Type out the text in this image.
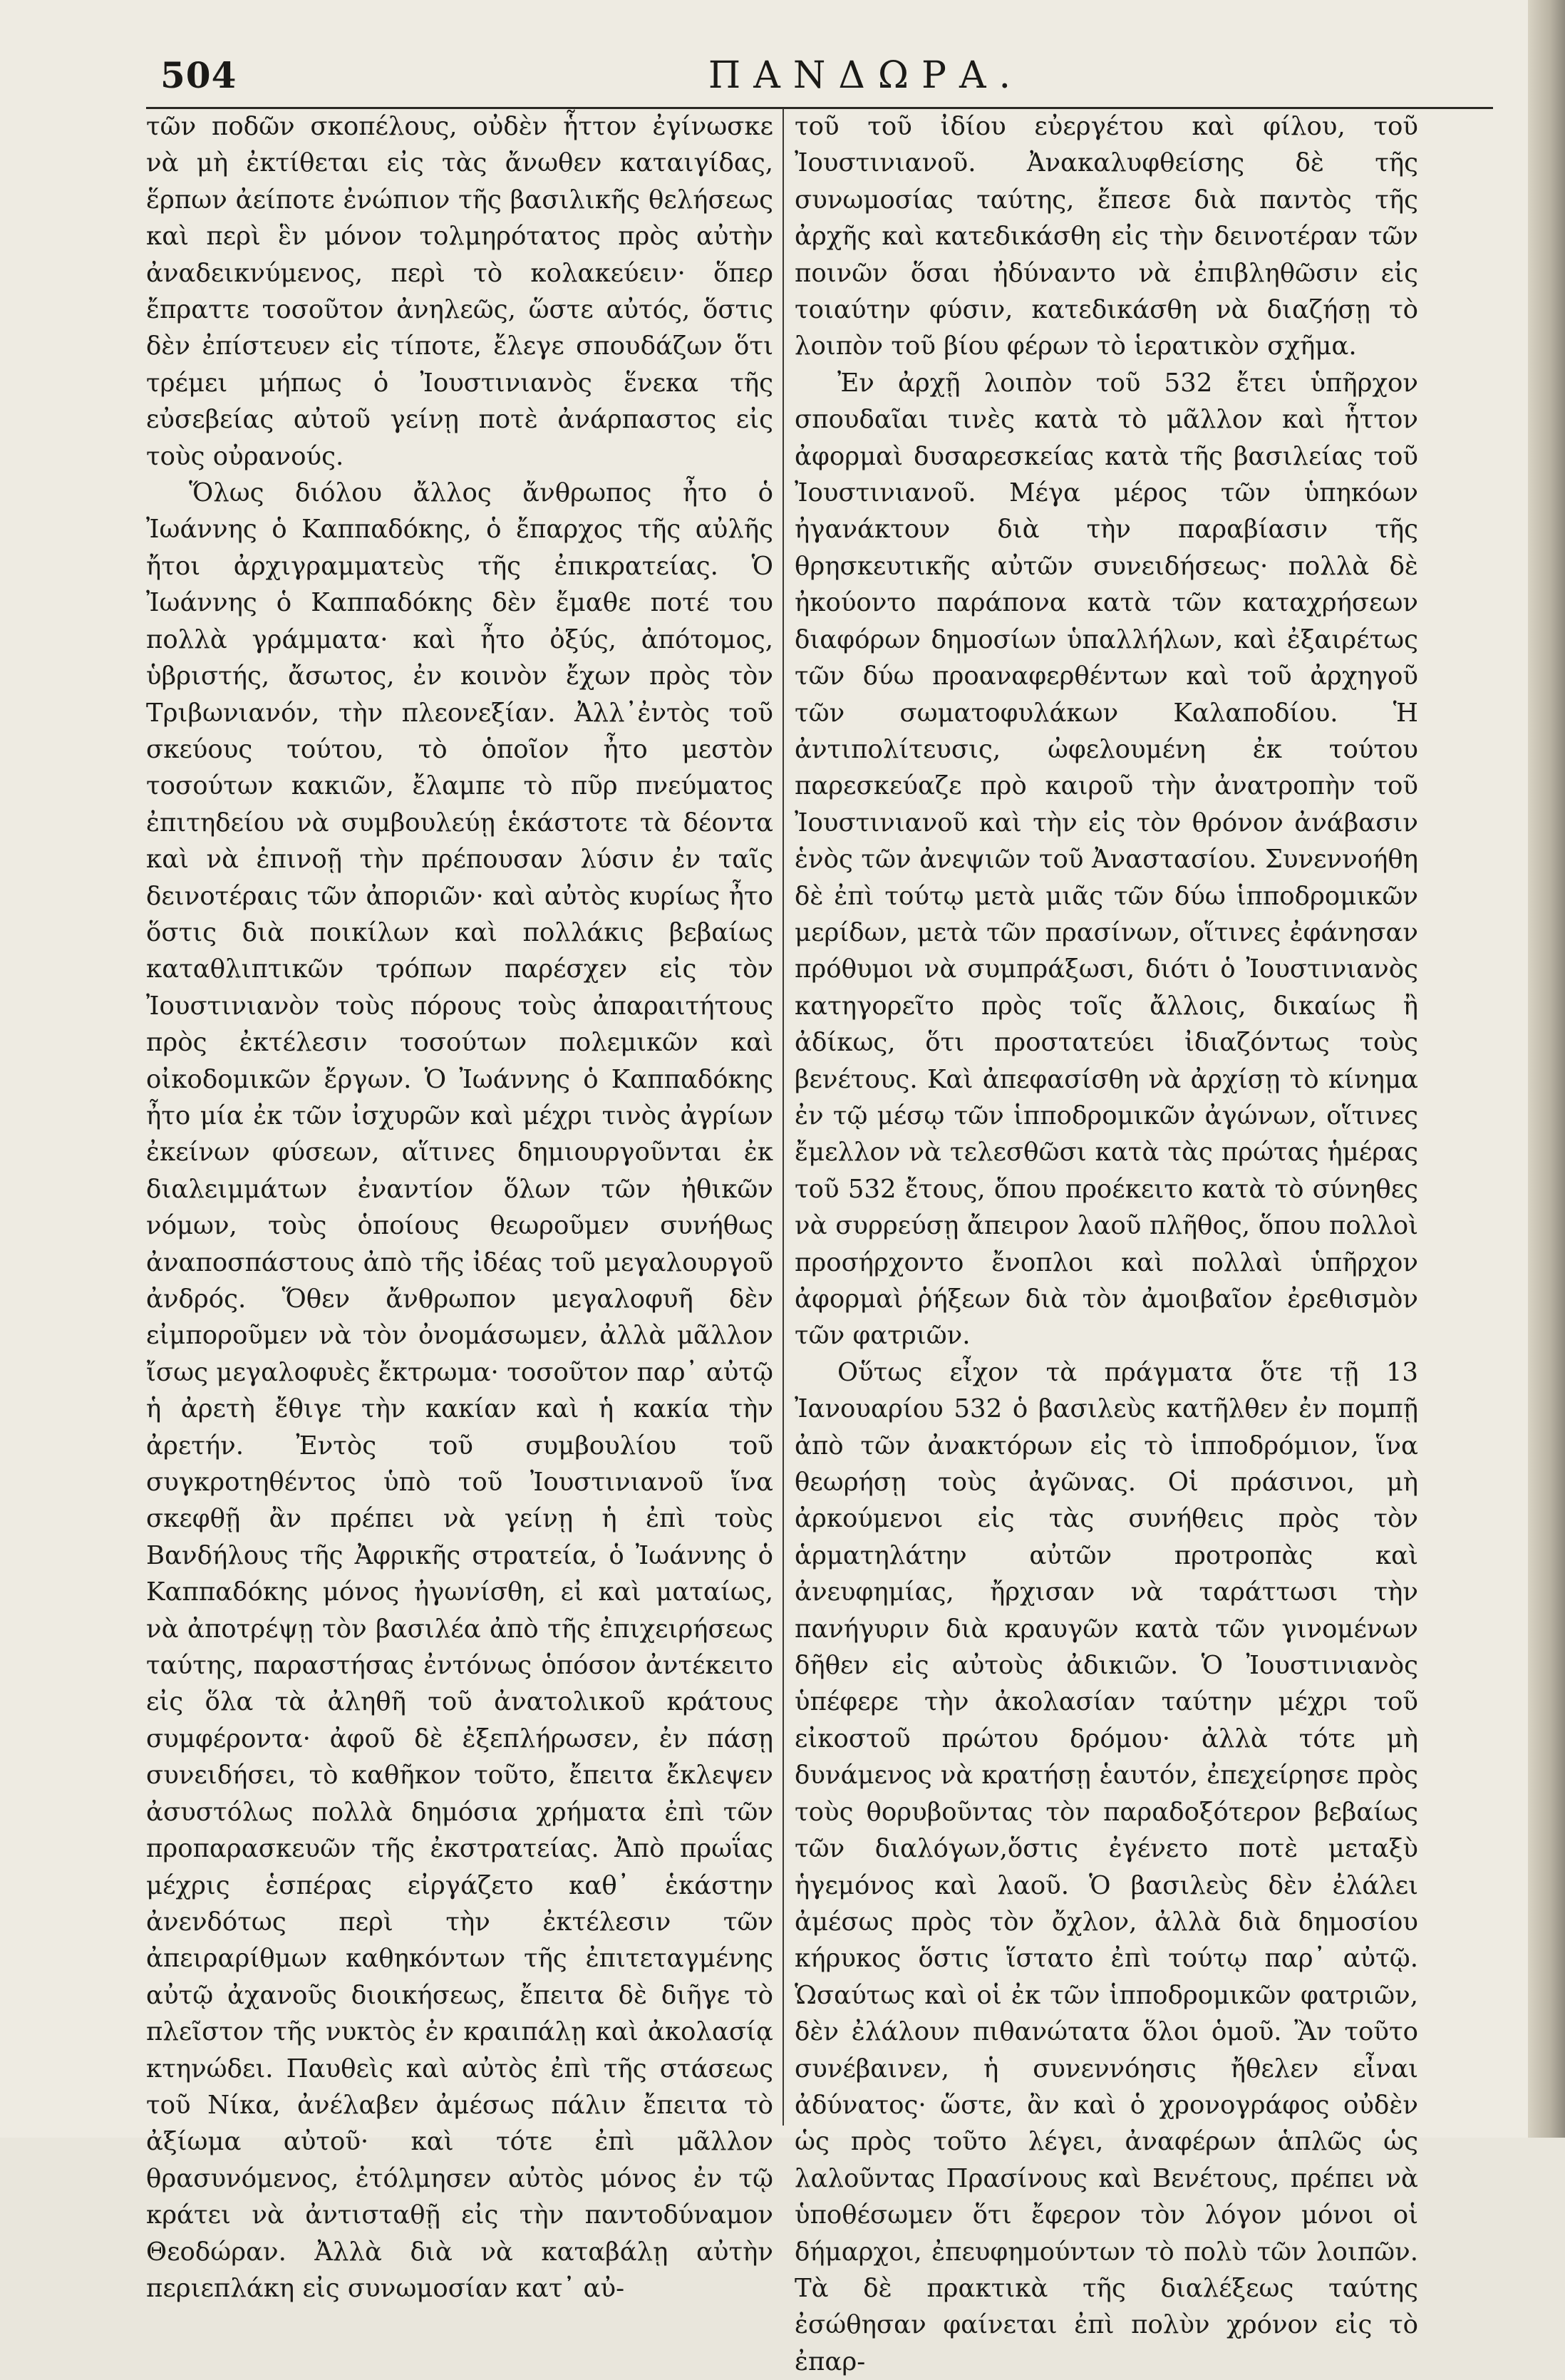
504	ΠΑΝΔΩΡΑ.

τῶν ποδῶν σκοπέλους, οὐδὲν ἧττον ἐγίνωσκε νὰ μὴ ἐκτίθεται εἰς τὰς ἄνωθεν καταιγίδας, ἕρπων ἀείποτε ἐνώπιον τῆς βασιλικῆς θελήσεως καὶ περὶ ἓν μόνον τολμηρότατος πρὸς αὐτὴν ἀναδεικνύμενος, περὶ τὸ κολακεύειν· ὅπερ ἔπραττε τοσοῦτον ἀνηλεῶς, ὥστε αὐτός, ὅστις δὲν ἐπίστευεν εἰς τίποτε, ἔλεγε σπουδάζων ὅτι τρέμει μήπως ὁ Ἰουστινιανὸς ἕνεκα τῆς εὐσεβείας αὐτοῦ γείνῃ ποτὲ ἀνάρπαστος εἰς τοὺς οὐρανούς.

Ὅλως διόλου ἄλλος ἄνθρωπος ἦτο ὁ Ἰωάννης ὁ Καππαδόκης, ὁ ἔπαρχος τῆς αὐλῆς ἤτοι ἀρχιγραμματεὺς τῆς ἐπικρατείας. Ὁ Ἰωάννης ὁ Καππαδόκης δὲν ἔμαθε ποτέ του πολλὰ γράμματα· καὶ ἦτο ὀξύς, ἀπότομος, ὑβριστής, ἄσωτος, ἐν κοινὸν ἔχων πρὸς τὸν Τριβωνιανόν, τὴν πλεονεξίαν. Ἀλλ᾽ἐντὸς τοῦ σκεύους τούτου, τὸ ὁποῖον ἦτο μεστὸν τοσούτων κακιῶν, ἔλαμπε τὸ πῦρ πνεύματος ἐπιτηδείου νὰ συμβουλεύῃ ἑκάστοτε τὰ δέοντα καὶ νὰ ἐπινοῇ τὴν πρέπουσαν λύσιν ἐν ταῖς δεινοτέραις τῶν ἀποριῶν· καὶ αὐτὸς κυρίως ἦτο ὅστις διὰ ποικίλων καὶ πολλάκις βεβαίως καταθλιπτικῶν τρόπων παρέσχεν εἰς τὸν Ἰουστινιανὸν τοὺς πόρους τοὺς ἀπαραιτήτους πρὸς ἐκτέλεσιν τοσούτων πολεμικῶν καὶ οἰκοδομικῶν ἔργων. Ὁ Ἰωάννης ὁ Καππαδόκης ἦτο μία ἐκ τῶν ἰσχυρῶν καὶ μέχρι τινὸς ἀγρίων ἐκείνων φύσεων, αἵτινες δημιουργοῦνται ἐκ διαλειμμάτων ἐναντίον ὅλων τῶν ἠθικῶν νόμων, τοὺς ὁποίους θεωροῦμεν συνήθως ἀναποσπάστους ἀπὸ τῆς ἰδέας τοῦ μεγαλουργοῦ ἀνδρός. Ὅθεν ἄνθρωπον μεγαλοφυῆ δὲν εἰμποροῦμεν νὰ τὸν ὀνομάσωμεν, ἀλλὰ μᾶλλον ἴσως μεγαλοφυὲς ἔκτρωμα· τοσοῦτον παρ᾽ αὐτῷ ἡ ἀρετὴ ἔθιγε τὴν κακίαν καὶ ἡ κακία τὴν ἀρετήν. Ἐντὸς τοῦ συμβουλίου τοῦ συγκροτηθέντος ὑπὸ τοῦ Ἰουστινιανοῦ ἵνα σκεφθῇ ἂν πρέπει νὰ γείνῃ ἡ ἐπὶ τοὺς Βανδήλους τῆς Ἀφρικῆς στρατεία, ὁ Ἰωάννης ὁ Καππαδόκης μόνος ἠγωνίσθη, εἰ καὶ ματαίως, νὰ ἀποτρέψῃ τὸν βασιλέα ἀπὸ τῆς ἐπιχειρήσεως ταύτης, παραστήσας ἐντόνως ὁπόσον ἀντέκειτο εἰς ὅλα τὰ ἀληθῆ τοῦ ἀνατολικοῦ κράτους συμφέροντα· ἀφοῦ δὲ ἐξεπλήρωσεν, ἐν πάσῃ συνειδήσει, τὸ καθῆκον τοῦτο, ἔπειτα ἔκλεψεν ἀσυστόλως πολλὰ δημόσια χρήματα ἐπὶ τῶν προπαρασκευῶν τῆς ἐκστρατείας. Ἀπὸ πρωΐας μέχρις ἑσπέρας εἰργάζετο καθ᾽ ἑκάστην ἀνενδότως περὶ τὴν ἐκτέλεσιν τῶν ἀπειραρίθμων καθηκόντων τῆς ἐπιτεταγμένης αὐτῷ ἀχανοῦς διοικήσεως, ἔπειτα δὲ διῆγε τὸ πλεῖστον τῆς νυκτὸς ἐν κραιπάλῃ καὶ ἀκολασίᾳ κτηνώδει. Παυθεὶς καὶ αὐτὸς ἐπὶ τῆς στάσεως τοῦ Νίκα, ἀνέλαβεν ἀμέσως πάλιν ἔπειτα τὸ ἀξίωμα αὐτοῦ· καὶ τότε ἐπὶ μᾶλλον θρασυνόμενος, ἐτόλμησεν αὐτὸς μόνος ἐν τῷ κράτει νὰ ἀντισταθῇ εἰς τὴν παντοδύναμον Θεοδώραν. Ἀλλὰ διὰ νὰ καταβάλῃ αὐτὴν περιεπλάκη εἰς συνωμοσίαν κατ᾽ αὐ-

τοῦ τοῦ ἰδίου εὐεργέτου καὶ φίλου, τοῦ Ἰουστινιανοῦ. Ἀνακαλυφθείσης δὲ τῆς συνωμοσίας ταύτης, ἔπεσε διὰ παντὸς τῆς ἀρχῆς καὶ κατεδικάσθη εἰς τὴν δεινοτέραν τῶν ποινῶν ὅσαι ἠδύναντο νὰ ἐπιβληθῶσιν εἰς τοιαύτην φύσιν, κατεδικάσθη νὰ διαζήσῃ τὸ λοιπὸν τοῦ βίου φέρων τὸ ἱερατικὸν σχῆμα.

Ἐν ἀρχῇ λοιπὸν τοῦ 532 ἔτει ὑπῆρχον σπουδαῖαι τινὲς κατὰ τὸ μᾶλλον καὶ ἧττον ἀφορμαὶ δυσαρεσκείας κατὰ τῆς βασιλείας τοῦ Ἰουστινιανοῦ. Μέγα μέρος τῶν ὑπηκόων ἠγανάκτουν διὰ τὴν παραβίασιν τῆς θρησκευτικῆς αὐτῶν συνειδήσεως· πολλὰ δὲ ἠκούοντο παράπονα κατὰ τῶν καταχρήσεων διαφόρων δημοσίων ὑπαλλήλων, καὶ ἐξαιρέτως τῶν δύω προαναφερθέντων καὶ τοῦ ἀρχηγοῦ τῶν σωματοφυλάκων Καλαποδίου. Ἡ ἀντιπολίτευσις, ὠφελουμένη ἐκ τούτου παρεσκεύαζε πρὸ καιροῦ τὴν ἀνατροπὴν τοῦ Ἰουστινιανοῦ καὶ τὴν εἰς τὸν θρόνον ἀνάβασιν ἑνὸς τῶν ἀνεψιῶν τοῦ Ἀναστασίου. Συνεννοήθη δὲ ἐπὶ τούτῳ μετὰ μιᾶς τῶν δύω ἱπποδρομικῶν μερίδων, μετὰ τῶν πρασίνων, οἵτινες ἐφάνησαν πρόθυμοι νὰ συμπράξωσι, διότι ὁ Ἰουστινιανὸς κατηγορεῖτο πρὸς τοῖς ἄλλοις, δικαίως ἢ ἀδίκως, ὅτι προστατεύει ἰδιαζόντως τοὺς βενέτους. Καὶ ἀπεφασίσθη νὰ ἀρχίσῃ τὸ κίνημα ἐν τῷ μέσῳ τῶν ἱπποδρομικῶν ἀγώνων, οἵτινες ἔμελλον νὰ τελεσθῶσι κατὰ τὰς πρώτας ἡμέρας τοῦ 532 ἔτους, ὅπου προέκειτο κατὰ τὸ σύνηθες νὰ συρρεύσῃ ἄπειρον λαοῦ πλῆθος, ὅπου πολλοὶ προσήρχοντο ἔνοπλοι καὶ πολλαὶ ὑπῆρχον ἀφορμαὶ ῥήξεων διὰ τὸν ἀμοιβαῖον ἐρεθισμὸν τῶν φατριῶν.

Οὕτως εἶχον τὰ πράγματα ὅτε τῇ 13 Ἰανουαρίου 532 ὁ βασιλεὺς κατῆλθεν ἐν πομπῇ ἀπὸ τῶν ἀνακτόρων εἰς τὸ ἱπποδρόμιον, ἵνα θεωρήσῃ τοὺς ἀγῶνας. Οἱ πράσινοι, μὴ ἀρκούμενοι εἰς τὰς συνήθεις πρὸς τὸν ἁρματηλάτην αὐτῶν προτροπὰς καὶ ἀνευφημίας, ἤρχισαν νὰ ταράττωσι τὴν πανήγυριν διὰ κραυγῶν κατὰ τῶν γινομένων δῆθεν εἰς αὐτοὺς ἀδικιῶν. Ὁ Ἰουστινιανὸς ὑπέφερε τὴν ἀκολασίαν ταύτην μέχρι τοῦ εἰκοστοῦ πρώτου δρόμου· ἀλλὰ τότε μὴ δυνάμενος νὰ κρατήσῃ ἑαυτόν, ἐπεχείρησε πρὸς τοὺς θορυβοῦντας τὸν παραδοξότερον βεβαίως τῶν διαλόγων,ὅστις ἐγένετο ποτὲ μεταξὺ ἡγεμόνος καὶ λαοῦ. Ὁ βασιλεὺς δὲν ἐλάλει ἀμέσως πρὸς τὸν ὄχλον, ἀλλὰ διὰ δημοσίου κήρυκος ὅστις ἵστατο ἐπὶ τούτῳ παρ᾽ αὐτῷ. Ὡσαύτως καὶ οἱ ἐκ τῶν ἱπποδρομικῶν φατριῶν, δὲν ἐλάλουν πιθανώτατα ὅλοι ὁμοῦ. Ἂν τοῦτο συνέβαινεν, ἡ συνεννόησις ἤθελεν εἶναι ἀδύνατος· ὥστε, ἂν καὶ ὁ χρονογράφος οὐδὲν ὡς πρὸς τοῦτο λέγει, ἀναφέρων ἁπλῶς ὡς λαλοῦντας Πρασίνους καὶ Βενέτους, πρέπει νὰ ὑποθέσωμεν ὅτι ἔφερον τὸν λόγον μόνοι οἱ δήμαρχοι, ἐπευφημούντων τὸ πολὺ τῶν λοιπῶν. Τὰ δὲ πρακτικὰ τῆς διαλέξεως ταύτης ἐσώθησαν φαίνεται ἐπὶ πολὺν χρόνον εἰς τὸ ἐπαρ-
